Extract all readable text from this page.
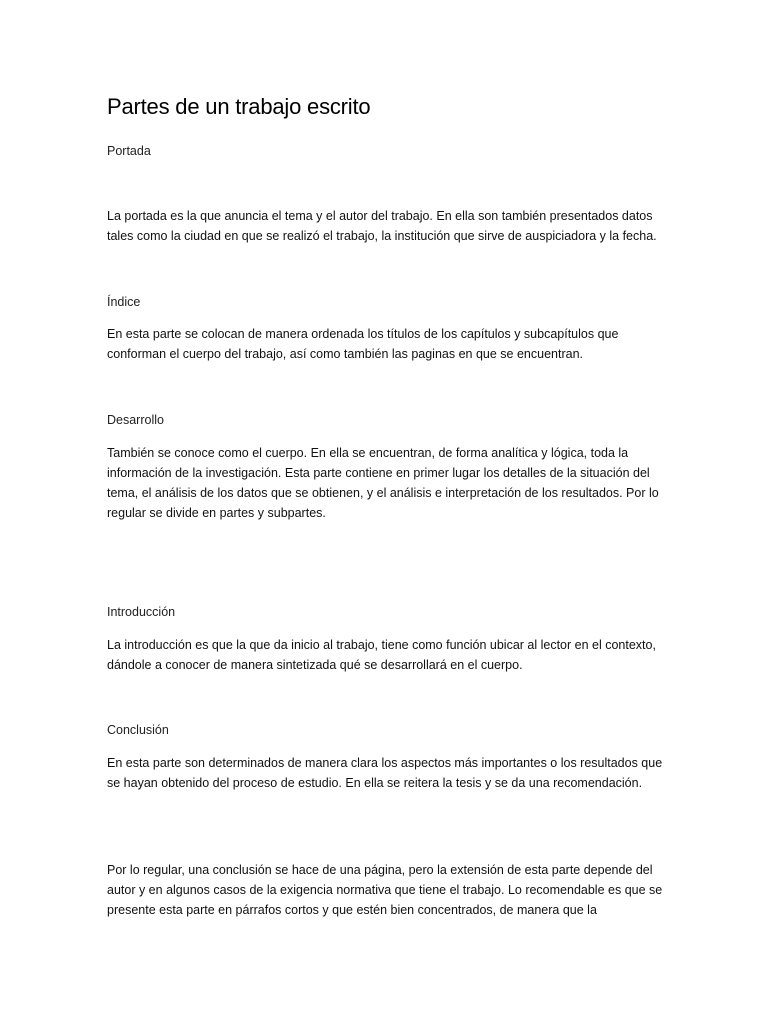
Partes de un trabajo escrito
Portada

La portada es la que anuncia el tema y el autor del trabajo. En ella son también presentados datos tales como la ciudad en que se realizó el trabajo, la institución que sirve de auspiciadora y la fecha.

Índice

En esta parte se colocan de manera ordenada los títulos de los capítulos y subcapítulos que conforman el cuerpo del trabajo, así como también las paginas en que se encuentran.

Desarrollo

También se conoce como el cuerpo. En ella se encuentran, de forma analítica y lógica, toda la información de la investigación. Esta parte contiene en primer lugar los detalles de la situación del tema, el análisis de los datos que se obtienen, y el análisis e interpretación de los resultados. Por lo regular se divide en partes y subpartes.

Introducción

La introducción es que la que da inicio al trabajo, tiene como función ubicar al lector en el contexto, dándole a conocer de manera sintetizada qué se desarrollará en el cuerpo.

Conclusión

En esta parte son determinados de manera clara los aspectos más importantes o los resultados que se hayan obtenido del proceso de estudio. En ella se reitera la tesis y se da una recomendación.

Por lo regular, una conclusión se hace de una página, pero la extensión de esta parte depende del autor y en algunos casos de la exigencia normativa que tiene el trabajo. Lo recomendable es que se presente esta parte en párrafos cortos y que estén bien concentrados, de manera que la
